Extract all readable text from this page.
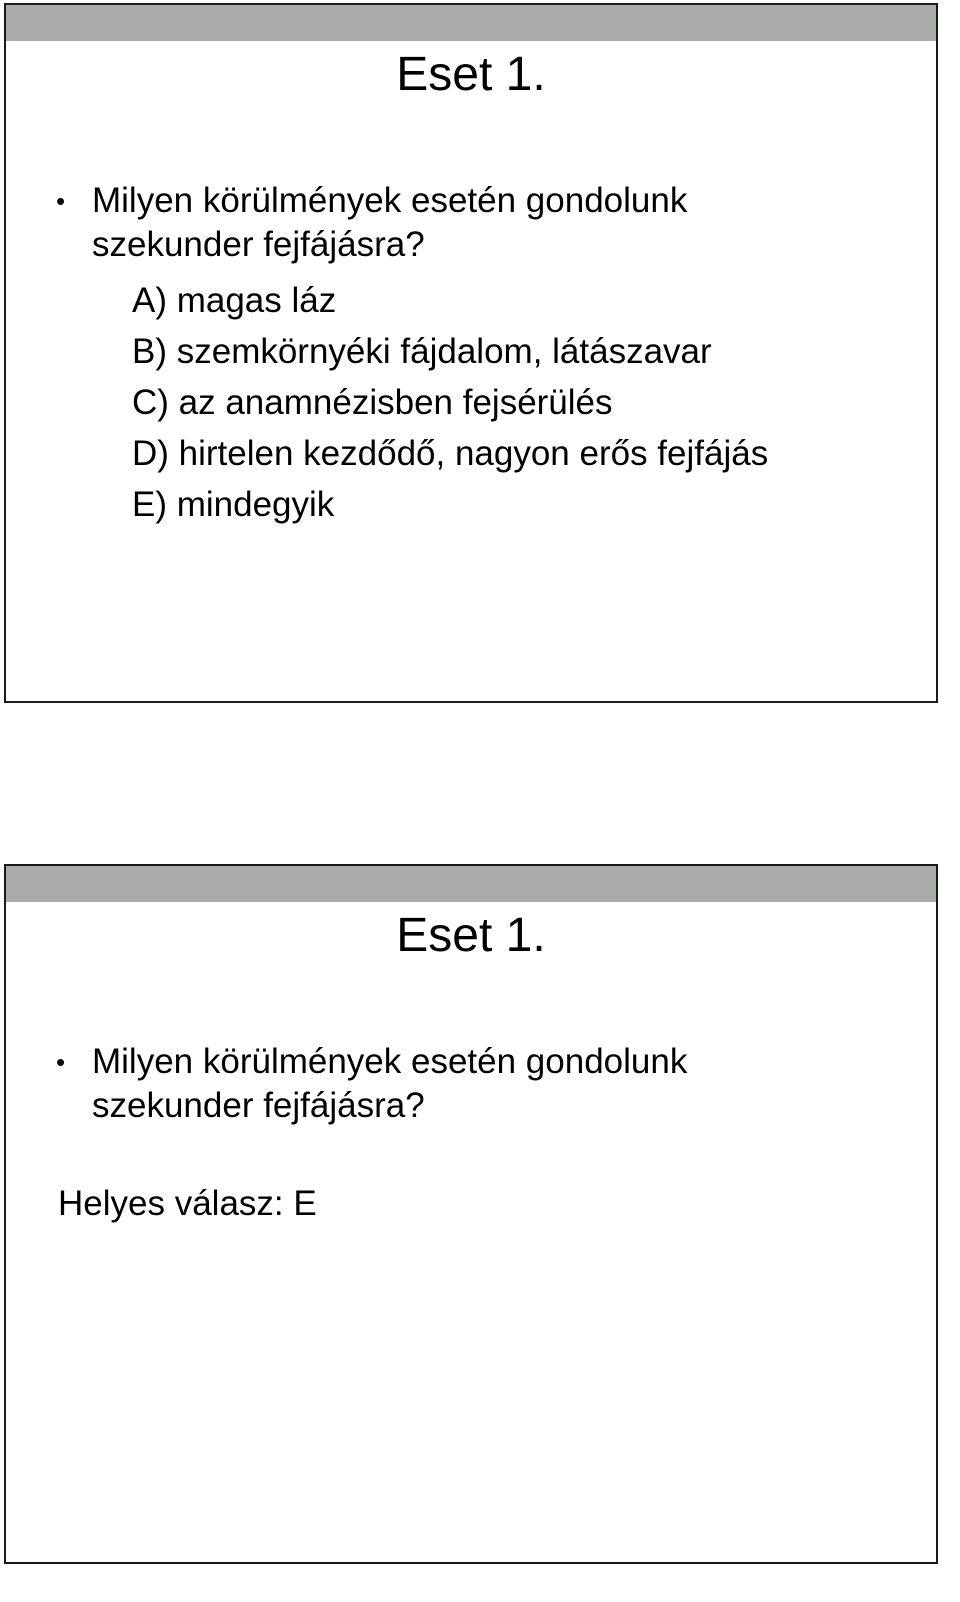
Eset 1.
• Milyen körülmények esetén gondolunk szekunder fejfájásra?
A) magas láz
B) szemkörnyéki fájdalom, látászavar
C) az anamnézisben fejsérülés
D) hirtelen kezdődő, nagyon erős fejfájás
E) mindegyik
Eset 1.
• Milyen körülmények esetén gondolunk szekunder fejfájásra?
Helyes válasz: E
